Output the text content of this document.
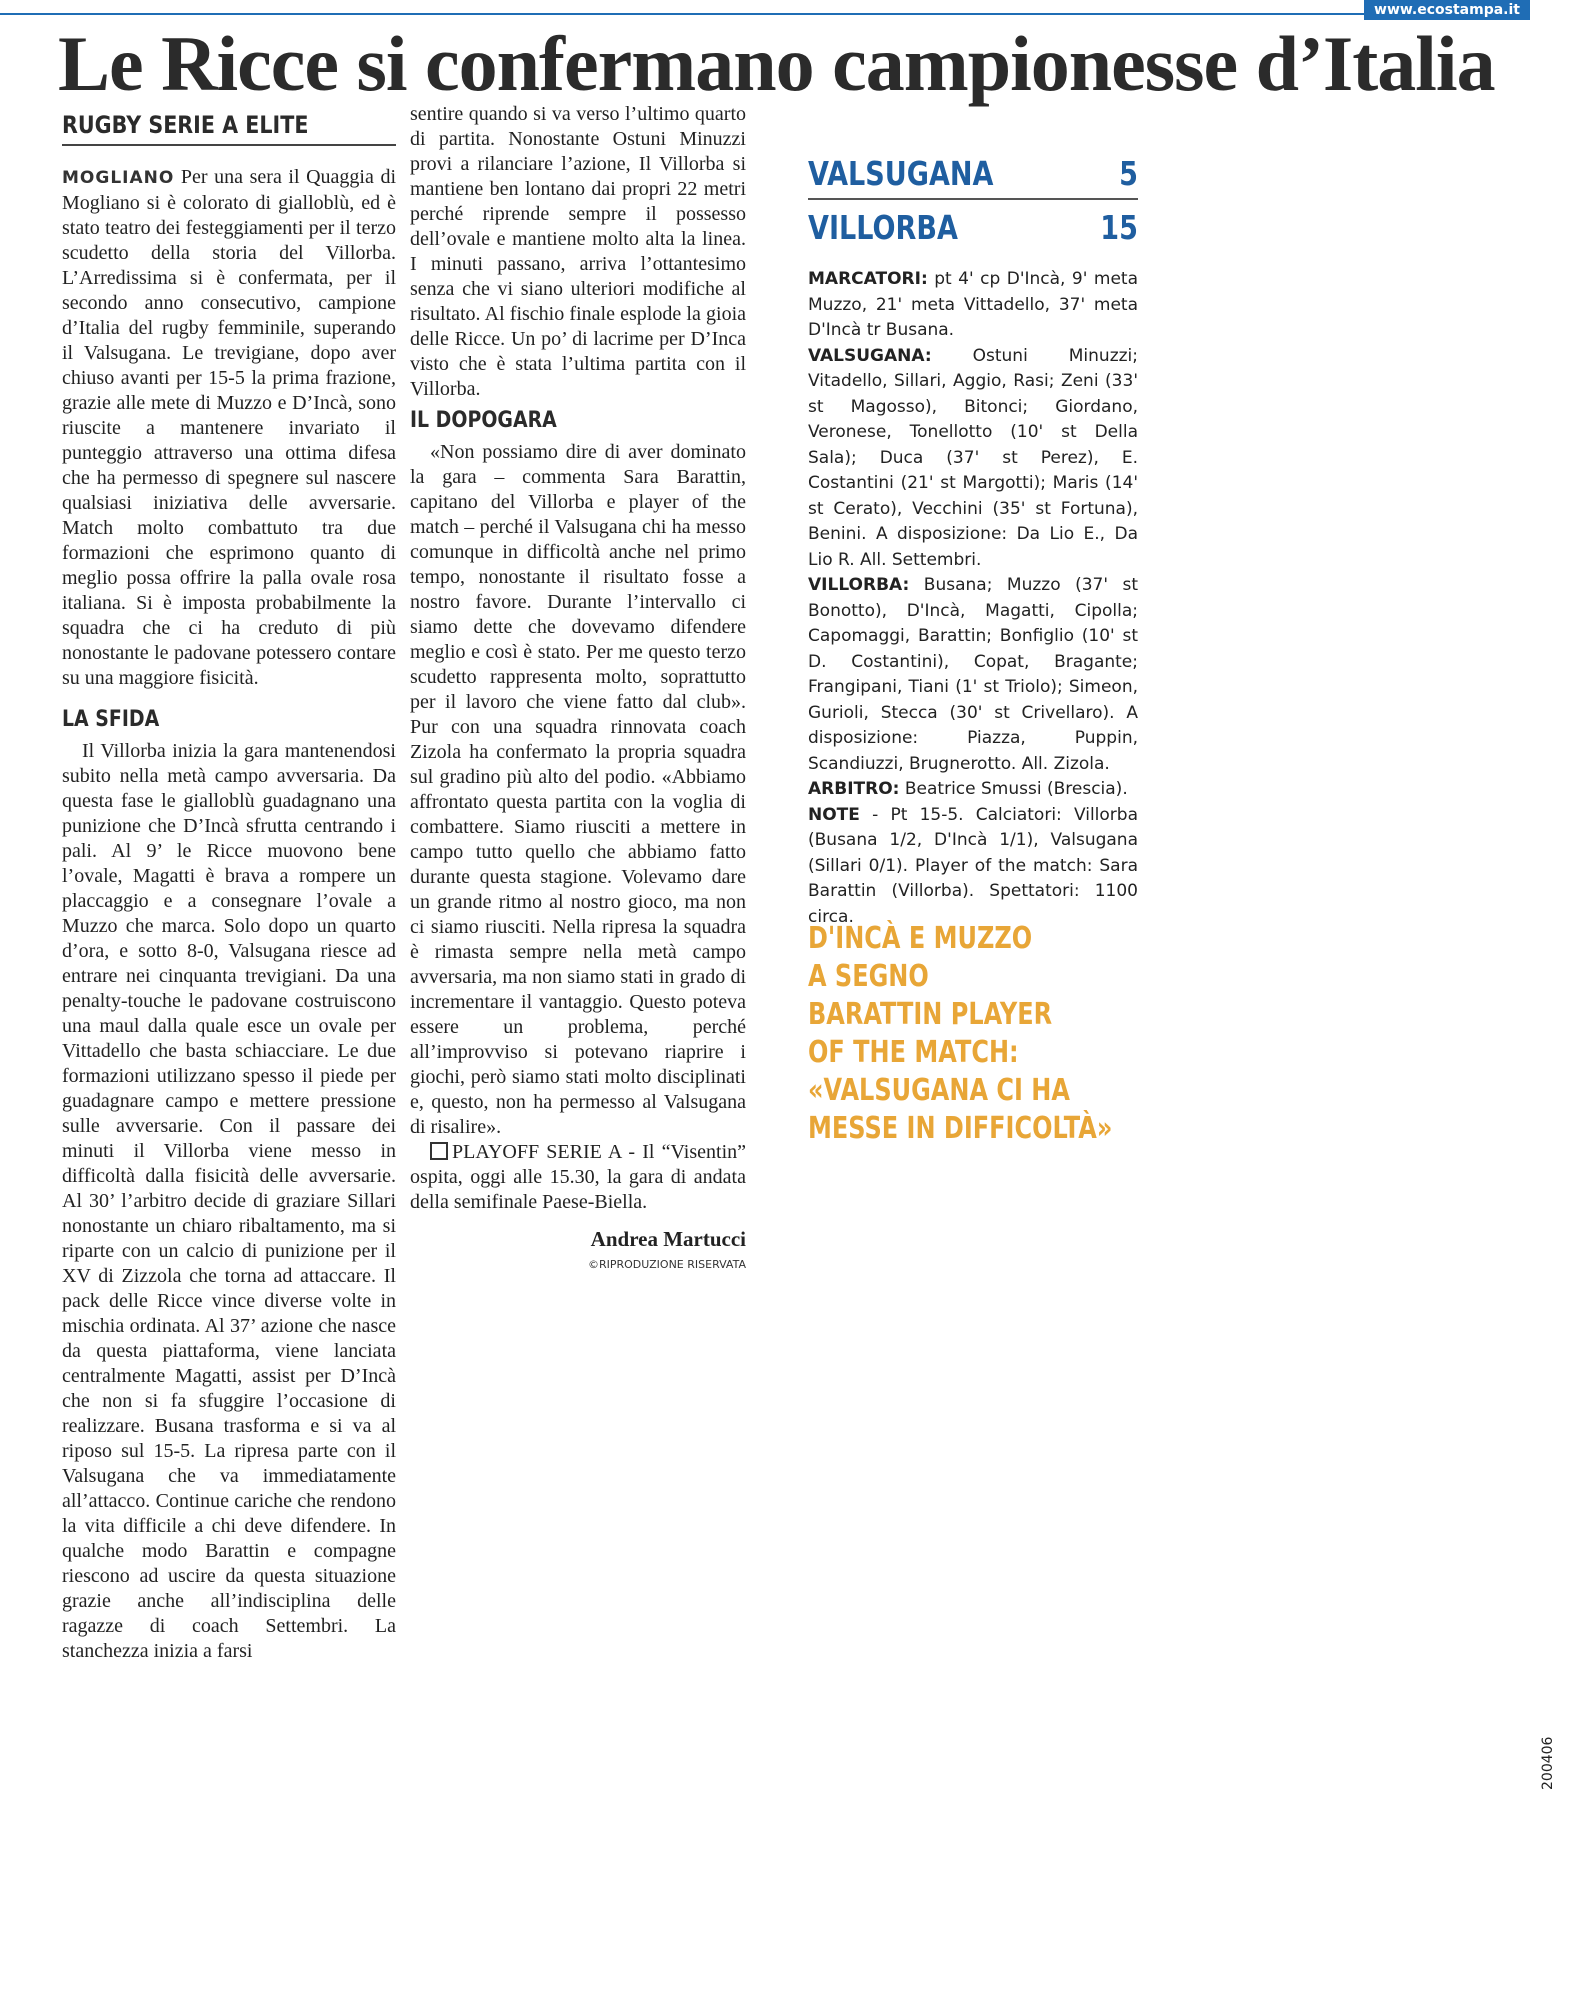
www.ecostampa.it
Le Ricce si confermano campionesse d’Italia
RUGBY SERIE A ELITE

MOGLIANO Per una sera il Quaggia di Mogliano si è colorato di gialloblù, ed è stato teatro dei festeggiamenti per il terzo scudetto della storia del Villorba. L’Arredissima si è confermata, per il secondo anno consecutivo, campione d’Italia del rugby femminile, superando il Valsugana. Le trevigiane, dopo aver chiuso avanti per 15-5 la prima frazione, grazie alle mete di Muzzo e D’Incà, sono riuscite a mantenere invariato il punteggio attraverso una ottima difesa che ha permesso di spegnere sul nascere qualsiasi iniziativa delle avversarie. Match molto combattuto tra due formazioni che esprimono quanto di meglio possa offrire la palla ovale rosa italiana. Si è imposta probabilmente la squadra che ci ha creduto di più nonostante le padovane potessero contare su una maggiore fisicità.

LA SFIDA

Il Villorba inizia la gara mantenendosi subito nella metà campo avversaria. Da questa fase le gialloblù guadagnano una punizione che D’Incà sfrutta centrando i pali. Al 9’ le Ricce muovono bene l’ovale, Magatti è brava a rompere un placcaggio e a consegnare l’ovale a Muzzo che marca. Solo dopo un quarto d’ora, e sotto 8-0, Valsugana riesce ad entrare nei cinquanta trevigiani. Da una penalty-touche le padovane costruiscono una maul dalla quale esce un ovale per Vittadello che basta schiacciare. Le due formazioni utilizzano spesso il piede per guadagnare campo e mettere pressione sulle avversarie. Con il passare dei minuti il Villorba viene messo in difficoltà dalla fisicità delle avversarie. Al 30’ l’arbitro decide di graziare Sillari nonostante un chiaro ribaltamento, ma si riparte con un calcio di punizione per il XV di Zizzola che torna ad attaccare. Il pack delle Ricce vince diverse volte in mischia ordinata. Al 37’ azione che nasce da questa piattaforma, viene lanciata centralmente Magatti, assist per D’Incà che non si fa sfuggire l’occasione di realizzare. Busana trasforma e si va al riposo sul 15-5. La ripresa parte con il Valsugana che va immediatamente all’attacco. Continue cariche che rendono la vita difficile a chi deve difendere. In qualche modo Barattin e compagne riescono ad uscire da questa situazione grazie anche all’indisciplina delle ragazze di coach Settembri. La stanchezza inizia a farsi

sentire quando si va verso l’ultimo quarto di partita. Nonostante Ostuni Minuzzi provi a rilanciare l’azione, Il Villorba si mantiene ben lontano dai propri 22 metri perché riprende sempre il possesso dell’ovale e mantiene molto alta la linea. I minuti passano, arriva l’ottantesimo senza che vi siano ulteriori modifiche al risultato. Al fischio finale esplode la gioia delle Ricce. Un po’ di lacrime per D’Inca visto che è stata l’ultima partita con il Villorba.

IL DOPOGARA

«Non possiamo dire di aver dominato la gara – commenta Sara Barattin, capitano del Villorba e player of the match – perché il Valsugana chi ha messo comunque in difficoltà anche nel primo tempo, nonostante il risultato fosse a nostro favore. Durante l’intervallo ci siamo dette che dovevamo difendere meglio e così è stato. Per me questo terzo scudetto rappresenta molto, soprattutto per il lavoro che viene fatto dal club». Pur con una squadra rinnovata coach Zizola ha confermato la propria squadra sul gradino più alto del podio. «Abbiamo affrontato questa partita con la voglia di combattere. Siamo riusciti a mettere in campo tutto quello che abbiamo fatto durante questa stagione. Volevamo dare un grande ritmo al nostro gioco, ma non ci siamo riusciti. Nella ripresa la squadra è rimasta sempre nella metà campo avversaria, ma non siamo stati in grado di incrementare il vantaggio. Questo poteva essere un problema, perché all’improvviso si potevano riaprire i giochi, però siamo stati molto disciplinati e, questo, non ha permesso al Valsugana di risalire».

PLAYOFF SERIE A - Il “Visentin” ospita, oggi alle 15.30, la gara di andata della semifinale Paese-Biella.

Andrea Martucci
©RIPRODUZIONE RISERVATA
VALSUGANA	5
VILLORBA	15

MARCATORI: pt 4' cp D'Incà, 9' meta Muzzo, 21' meta Vittadello, 37' meta D'Incà tr Busana.

VALSUGANA: Ostuni Minuzzi; Vitadello, Sillari, Aggio, Rasi; Zeni (33' st Magosso), Bitonci; Giordano, Veronese, Tonellotto (10' st Della Sala); Duca (37' st Perez), E. Costantini (21' st Margotti); Maris (14' st Cerato), Vecchini (35' st Fortuna), Benini. A disposizione: Da Lio E., Da Lio R. All. Settembri.

VILLORBA: Busana; Muzzo (37' st Bonotto), D'Incà, Magatti, Cipolla; Capomaggi, Barattin; Bonfiglio (10' st D. Costantini), Copat, Bragante; Frangipani, Tiani (1' st Triolo); Simeon, Gurioli, Stecca (30' st Crivellaro). A disposizione: Piazza, Puppin, Scandiuzzi, Brugnerotto. All. Zizola.

ARBITRO: Beatrice Smussi (Brescia).

NOTE - Pt 15-5. Calciatori: Villorba (Busana 1/2, D'Incà 1/1), Valsugana (Sillari 0/1). Player of the match: Sara Barattin (Villorba). Spettatori: 1100 circa.

D'INCÀ E MUZZO
A SEGNO
BARATTIN PLAYER
OF THE MATCH:
«VALSUGANA CI HA
MESSE IN DIFFICOLTÀ»
200406
